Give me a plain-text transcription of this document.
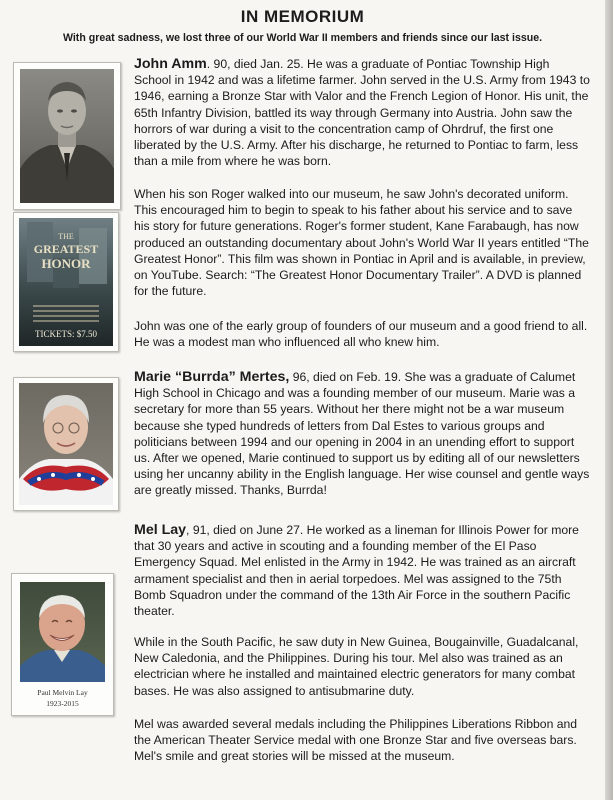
IN MEMORIUM
With great sadness, we lost three of our World War II members and friends since our last issue.
THE
GREATEST
HONOR
TICKETS: $7.50
Paul Melvin Lay
1923-2015

John Amm. 90, died Jan. 25. He was a graduate of Pontiac Township High School in 1942 and was a lifetime farmer. John served in the U.S. Army from 1943 to 1946, earning a Bronze Star with Valor and the French Legion of Honor. His unit, the 65th Infantry Division, battled its way through Germany into Austria. John saw the horrors of war during a visit to the concentration camp of Ohrdruf, the first one liberated by the U.S. Army. After his discharge, he returned to Pontiac to farm, less than a mile from where he was born.

When his son Roger walked into our museum, he saw John's decorated uniform. This encouraged him to begin to speak to his father about his service and to save his story for future generations. Roger's former student, Kane Farabaugh, has now produced an outstanding documentary about John's World War II years entitled “The Greatest Honor”. This film was shown in Pontiac in April and is available, in preview, on YouTube. Search: “The Greatest Honor Documentary Trailer”. A DVD is planned for the future.

John was one of the early group of founders of our museum and a good friend to all. He was a modest man who influenced all who knew him.

Marie “Burrda” Mertes, 96, died on Feb. 19. She was a graduate of Calumet High School in Chicago and was a founding member of our museum. Marie was a secretary for more than 55 years. Without her there might not be a war museum because she typed hundreds of letters from Dal Estes to various groups and politicians between 1994 and our opening in 2004 in an unending effort to support us. After we opened, Marie continued to support us by editing all of our newsletters using her uncanny ability in the English language. Her wise counsel and gentle ways are greatly missed. Thanks, Burrda!

Mel Lay, 91, died on June 27. He worked as a lineman for Illinois Power for more that 30 years and active in scouting and a founding member of the El Paso Emergency Squad. Mel enlisted in the Army in 1942. He was trained as an aircraft armament specialist and then in aerial torpedoes. Mel was assigned to the 75th Bomb Squadron under the command of the 13th Air Force in the southern Pacific theater.

While in the South Pacific, he saw duty in New Guinea, Bougainville, Guadalcanal, New Caledonia, and the Philippines. During his tour. Mel also was trained as an electrician where he installed and maintained electric generators for many combat bases. He was also assigned to antisubmarine duty.

Mel was awarded several medals including the Philippines Liberations Ribbon and the American Theater Service medal with one Bronze Star and five overseas bars. Mel's smile and great stories will be missed at the museum.
